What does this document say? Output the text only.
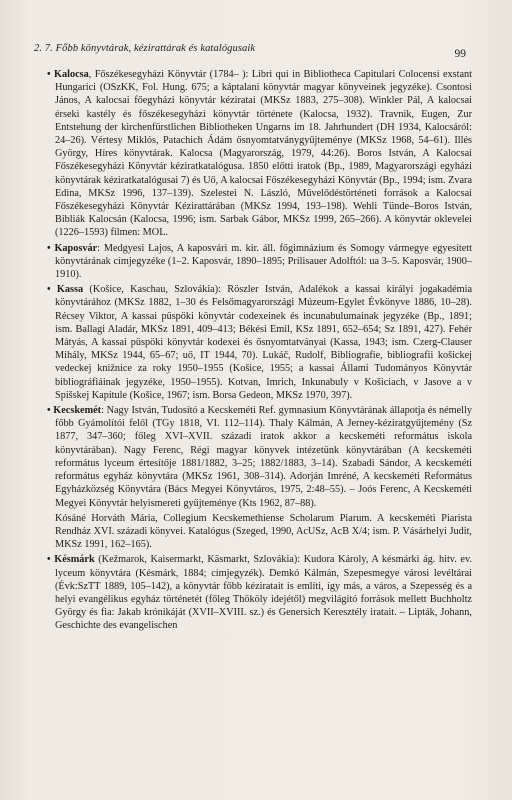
2. 7. Főbb könyvtárak, kézirattárak és katalógusaik	99

• Kalocsa, Főszékesegyházi Könyvtár (1784– ): Libri qui in Bibliotheca Capitulari Colocensi exstant Hungarici (OSzKK, Fol. Hung. 675; a káptalani könyvtár magyar könyveinek jegyzéke). Csontosi János, A kalocsai főegyházi könyvtár kéziratai (MKSz 1883, 275–308). Winkler Pál, A kalocsai érseki kastély és főszékesegyházi könyvtár története (Kalocsa, 1932). Travnik, Eugen, Zur Entstehung der kirchenfürstlichen Bibliotheken Ungarns im 18. Jahrhundert (DH 1934, Kalocsáról: 24–26). Vértesy Miklós, Patachich Ádám ősnyomtatványgyűjteménye (MKSz 1968, 54–61). Illés György, Híres könyvtárak. Kalocsa (Magyarország, 1979, 44:26). Boros István, A Kalocsai Főszékesegyházi Könyvtár kéziratkatalógusa. 1850 előtti iratok (Bp., 1989, Magyarországi egyházi könyvtárak kéziratkatalógusai 7) és Uő, A kalocsai Főszékesegyházi Könyvtár (Bp., 1994; ism. Zvara Edina, MKSz 1996, 137–139). Szelestei N. László, Művelődéstörténeti források a Kalocsai Főszékesegyházi Könyvtár Kézirattárában (MKSz 1994, 193–198). Wehli Tünde–Boros István, Bibliák Kalocsán (Kalocsa, 1996; ism. Sarbak Gábor, MKSz 1999, 265–266). A könyvtár oklevelei (1226–1593) filmen: MOL.

• Kaposvár: Medgyesi Lajos, A kaposvári m. kir. áll. főgimnázium és Somogy vármegye egyesített könyvtárának címjegyzéke (1–2. Kaposvár, 1890–1895; Prilisauer Adolftól: ua 3–5. Kaposvár, 1900–1910).

• Kassa (Košice, Kaschau, Szlovákia): Röszler István, Adalékok a kassai királyi jogakadémia könyvtárához (MKSz 1882, 1–30 és Felsőmagyarországi Múzeum-Egylet Évkönyve 1886, 10–28). Récsey Viktor, A kassai püspöki könyvtár codexeinek és incunabulumainak jegyzéke (Bp., 1891; ism. Ballagi Aladár, MKSz 1891, 409–413; Békési Emil, KSz 1891, 652–654; Sz 1891, 427). Fehér Mátyás, A kassai püspöki könyvtár kodexei és ősnyomtatványai (Kassa, 1943; ism. Czerg-Clauser Mihály, MKSz 1944, 65–67; uő, IT 1944, 70). Lukáč, Rudolf, Bibliografie, bibliografii košickej vedeckej knižnice za roky 1950–1955 (Košice, 1955; a kassai Állami Tudományos Könyvtár bibliográfiáinak jegyzéke, 1950–1955). Kotvan, Imrich, Inkunabuly v Košiciach, v Jasove a v Spišskej Kapitule (Košice, 1967; ism. Borsa Gedeon, MKSz 1970, 397).

• Kecskemét: Nagy István, Tudosító a Kecskeméti Ref. gymnasium Könyvtárának állapotja és némelly főbb Gyámolítói felől (TGy 1818, VI. 112–114). Thaly Kálmán, A Jerney-kéziratgyűjtemény (Sz 1877, 347–360; főleg XVI–XVII. századi iratok akkor a kecskeméti református iskola könyvtárában). Nagy Ferenc, Régi magyar könyvek intézetünk könyvtárában (A kecskeméti református lyceum értesítője 1881/1882, 3–25; 1882/1883, 3–14). Szabadi Sándor, A kecskeméti református egyház könyvtára (MKSz 1961, 308–314). Adorján Imréné, A kecskeméti Református Egyházközség Könyvtára (Bács Megyei Könyvtáros, 1975, 2:48–55). – Joós Ferenc, A Kecskeméti Megyei Könyvtár helyismereti gyűjteménye (Kts 1962, 87–88).

Kósáné Horváth Mária, Collegium Kecskemethiense Scholarum Piarum. A kecskeméti Piarista Rendház XVI. századi könyvei. Katalógus (Szeged, 1990, AcUSz, AcB X/4; ism. P. Vásárhelyi Judit, MKSz 1991, 162–165).

• Késmárk (Kežmarok, Kaisermarkt, Käsmarkt, Szlovákia): Kudora Károly, A késmárki ág. hitv. ev. lyceum könyvtára (Késmárk, 1884; címjegyzék). Demkó Kálmán, Szepesmegye városi levéltárai (Évk:SzTT 1889, 105–142), a könyvtár főbb kéziratait is említi, így más, a város, a Szepesség és a helyi evangélikus egyház történetét (főleg Thököly idejétől) megvilágító források mellett Buchholtz György és fia: Jakab krónikáját (XVII–XVIII. sz.) és Genersich Keresztély iratait. – Lipták, Johann, Geschichte des evangelischen
